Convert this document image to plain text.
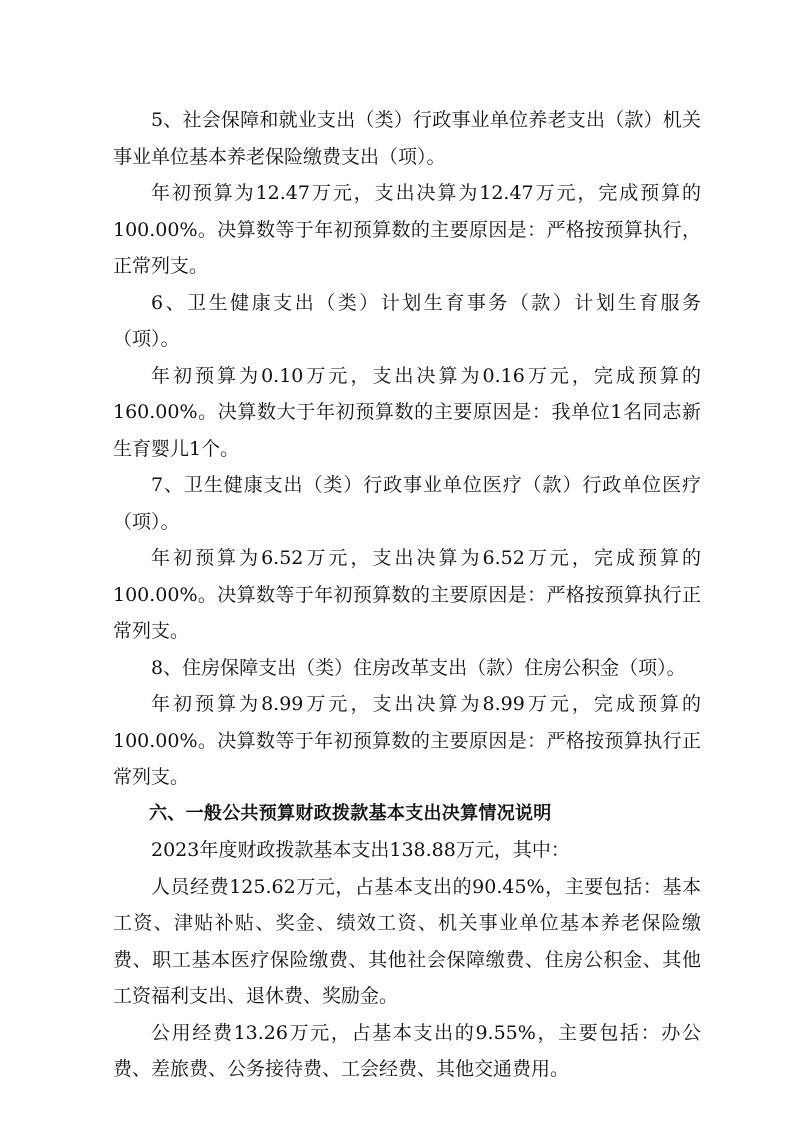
5、社会保障和就业支出（类）行政事业单位养老支出（款）机关事业单位基本养老保险缴费支出（项）。

年初预算为12.47万元，支出决算为12.47万元，完成预算的100.00%。决算数等于年初预算数的主要原因是：严格按预算执行，正常列支。

6、卫生健康支出（类）计划生育事务（款）计划生育服务（项）。

年初预算为0.10万元，支出决算为0.16万元，完成预算的160.00%。决算数大于年初预算数的主要原因是：我单位1名同志新生育婴儿1个。

7、卫生健康支出（类）行政事业单位医疗（款）行政单位医疗（项）。

年初预算为6.52万元，支出决算为6.52万元，完成预算的100.00%。决算数等于年初预算数的主要原因是：严格按预算执行正常列支。

8、住房保障支出（类）住房改革支出（款）住房公积金（项）。

年初预算为8.99万元，支出决算为8.99万元，完成预算的100.00%。决算数等于年初预算数的主要原因是：严格按预算执行正常列支。

六、一般公共预算财政拨款基本支出决算情况说明

2023年度财政拨款基本支出138.88万元，其中：

人员经费125.62万元，占基本支出的90.45%，主要包括：基本工资、津贴补贴、奖金、绩效工资、机关事业单位基本养老保险缴费、职工基本医疗保险缴费、其他社会保障缴费、住房公积金、其他工资福利支出、退休费、奖励金。

公用经费13.26万元，占基本支出的9.55%，主要包括：办公费、差旅费、公务接待费、工会经费、其他交通费用。
